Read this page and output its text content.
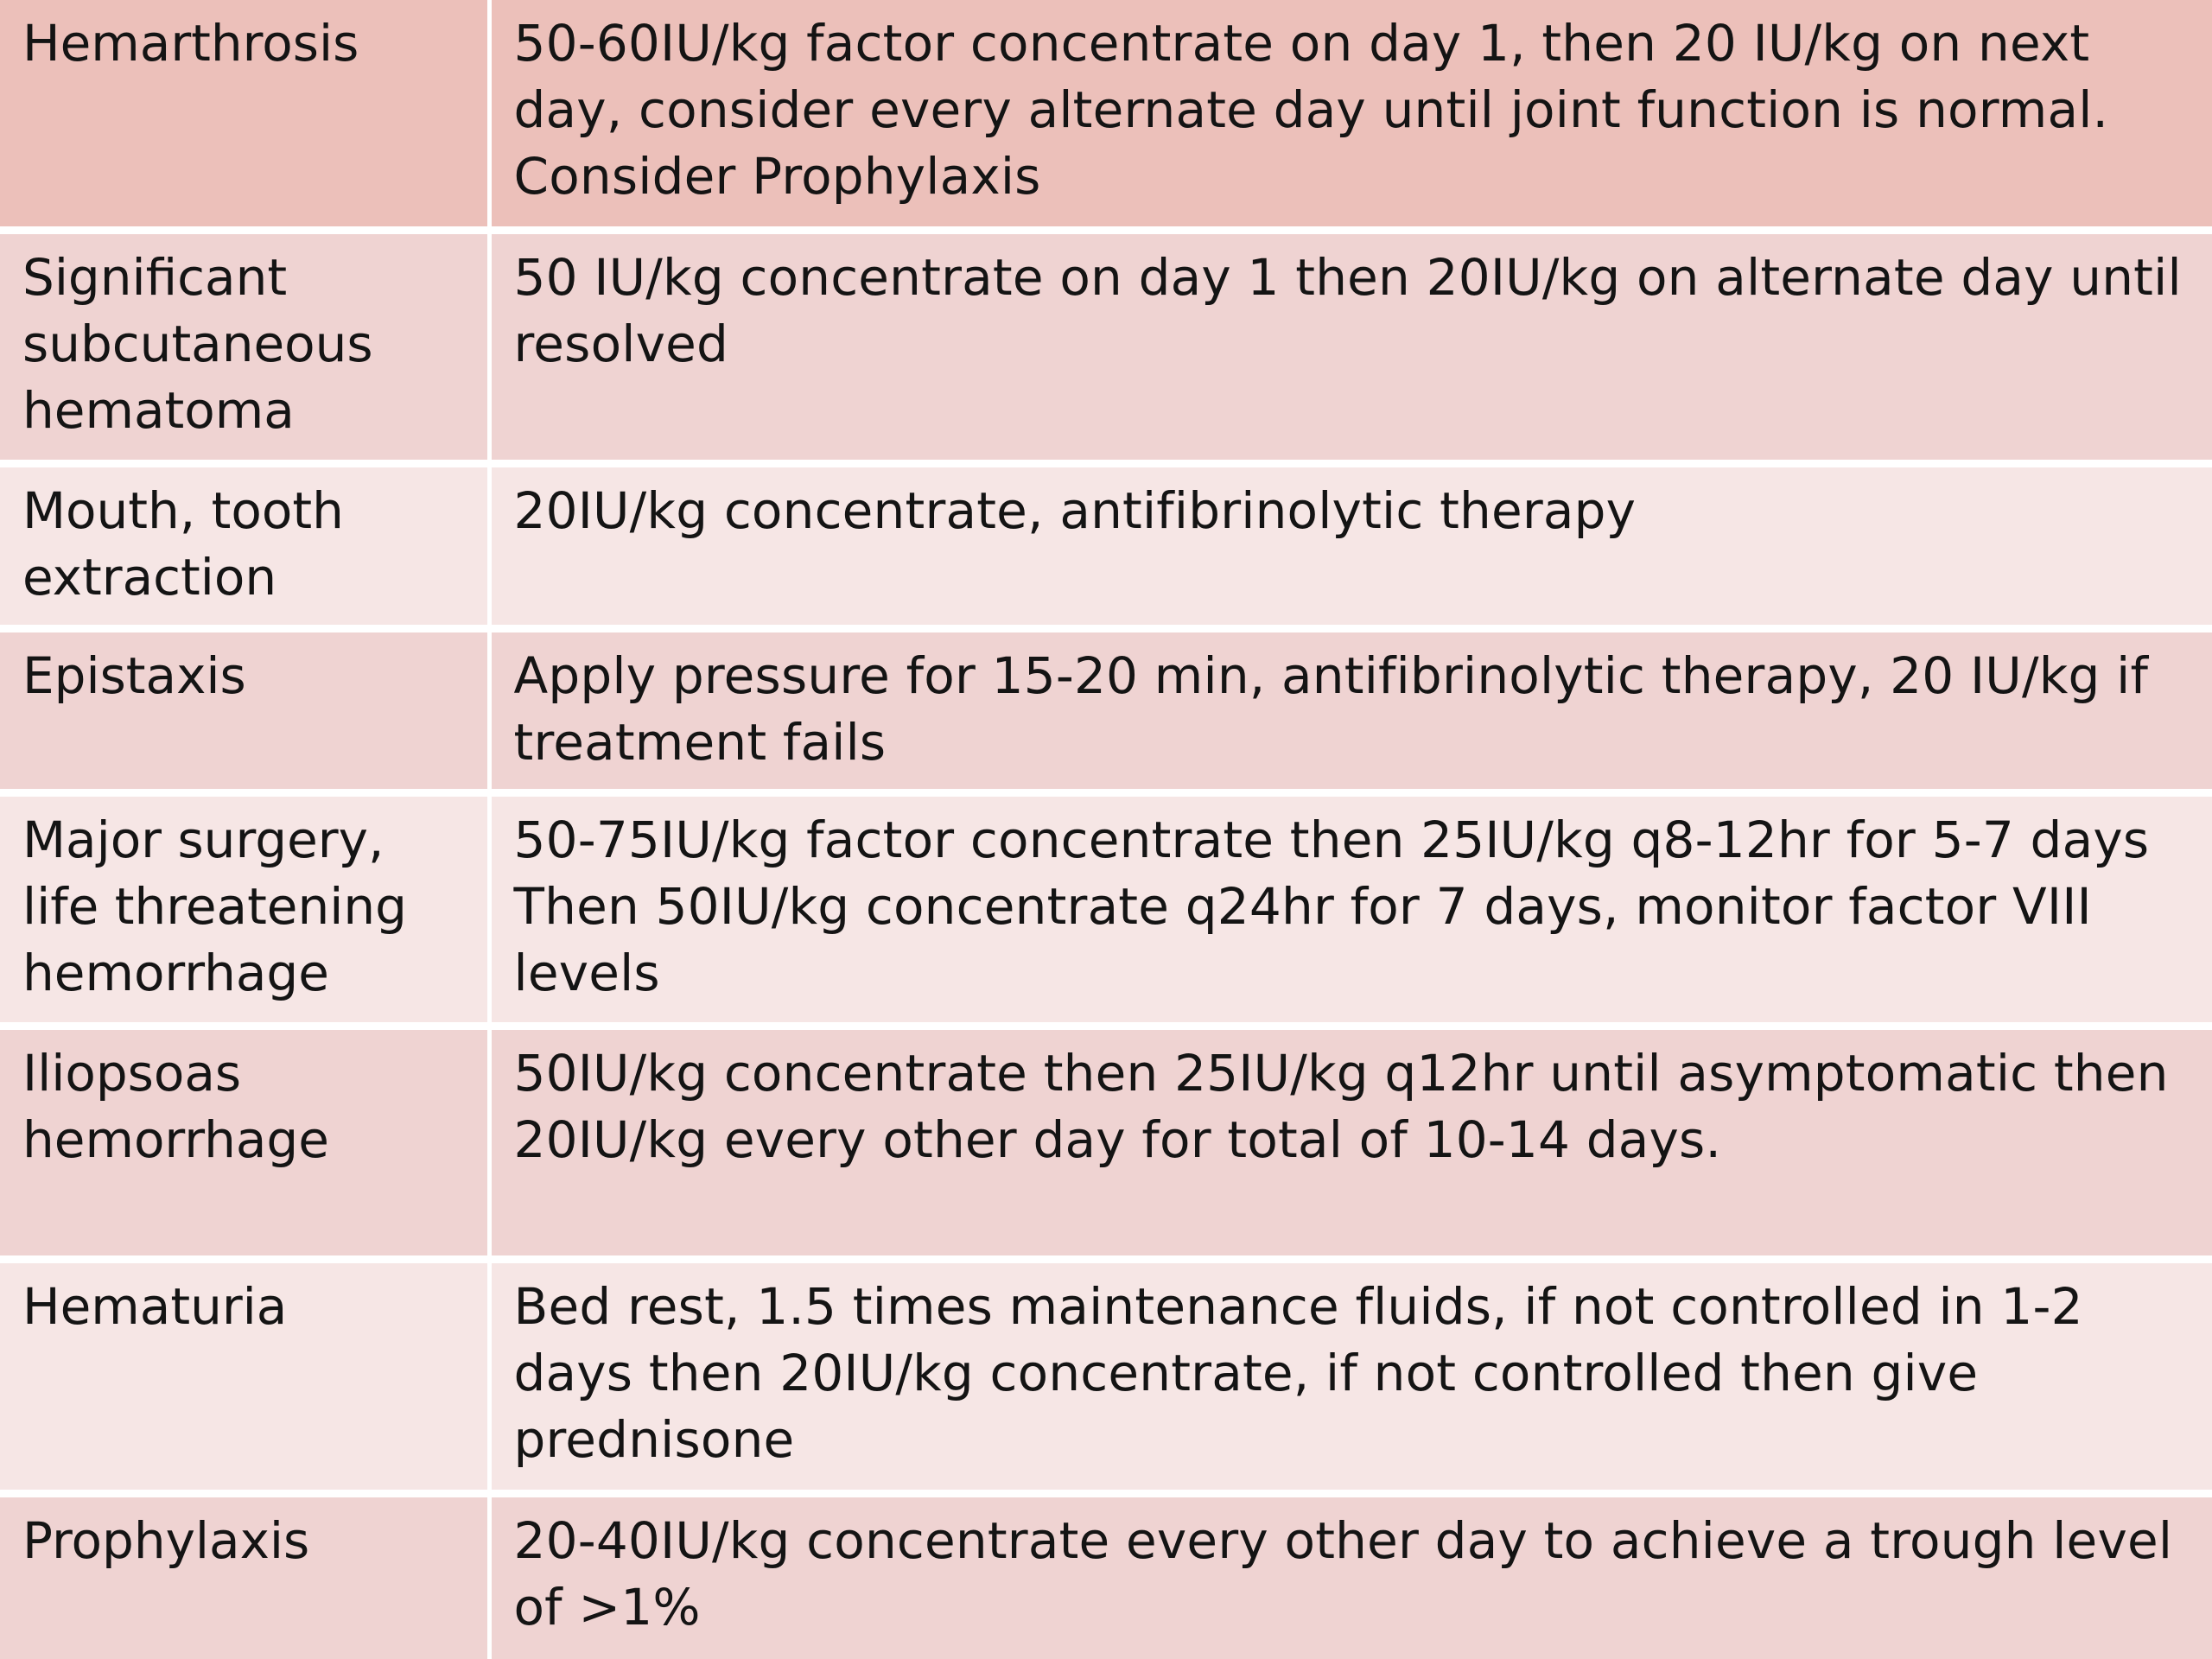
Hemarthrosis	50-60IU/kg factor concentrate on day 1, then 20 IU/kg on next day, consider every alternate day until joint function is normal. Consider Prophylaxis
Significant subcutaneous hematoma	50 IU/kg concentrate on day 1 then 20IU/kg on alternate day until resolved
Mouth, tooth extraction	20IU/kg concentrate, antifibrinolytic therapy
Epistaxis	Apply pressure for 15-20 min, antifibrinolytic therapy, 20 IU/kg if treatment fails
Major surgery, life threatening hemorrhage	50-75IU/kg factor concentrate then 25IU/kg q8-12hr for 5-7 days Then 50IU/kg concentrate q24hr for 7 days, monitor factor VIII levels
Iliopsoas hemorrhage	50IU/kg concentrate then 25IU/kg q12hr until asymptomatic then 20IU/kg every other day for total of 10-14 days.
Hematuria	Bed rest, 1.5 times maintenance fluids, if not controlled in 1-2 days then 20IU/kg concentrate, if not controlled then give prednisone
Prophylaxis	20-40IU/kg concentrate every other day to achieve a trough level of >1%
